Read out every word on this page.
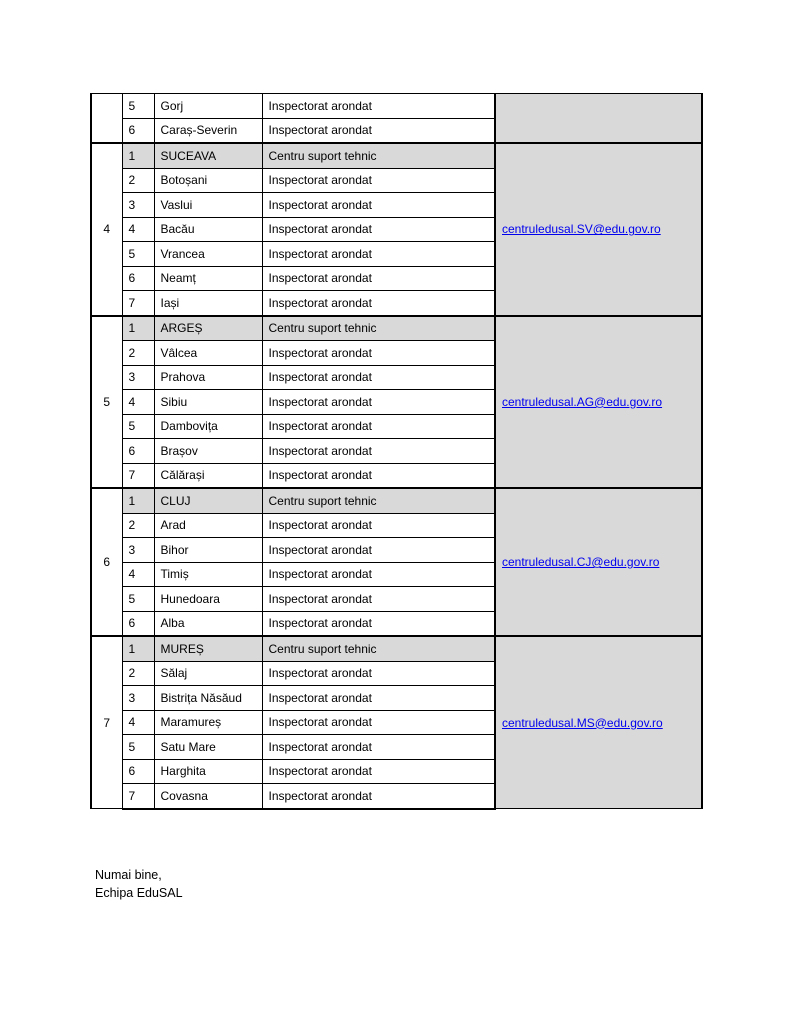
	5	Gorj	Inspectorat arondat	
	6	Caraș-Severin	Inspectorat arondat	
4	1	SUCEAVA	Centru suport tehnic	centruledusal.SV@edu.gov.ro
	2	Botoșani	Inspectorat arondat	
	3	Vaslui	Inspectorat arondat	
	4	Bacău	Inspectorat arondat	
	5	Vrancea	Inspectorat arondat	
	6	Neamț	Inspectorat arondat	
	7	Iași	Inspectorat arondat	
5	1	ARGEȘ	Centru suport tehnic	centruledusal.AG@edu.gov.ro
	2	Vâlcea	Inspectorat arondat	
	3	Prahova	Inspectorat arondat	
	4	Sibiu	Inspectorat arondat	
	5	Dambovița	Inspectorat arondat	
	6	Brașov	Inspectorat arondat	
	7	Călărași	Inspectorat arondat	
6	1	CLUJ	Centru suport tehnic	centruledusal.CJ@edu.gov.ro
	2	Arad	Inspectorat arondat	
	3	Bihor	Inspectorat arondat	
	4	Timiș	Inspectorat arondat	
	5	Hunedoara	Inspectorat arondat	
	6	Alba	Inspectorat arondat	
7	1	MUREȘ	Centru suport tehnic	centruledusal.MS@edu.gov.ro
	2	Sălaj	Inspectorat arondat	
	3	Bistrița Năsăud	Inspectorat arondat	
	4	Maramureș	Inspectorat arondat	
	5	Satu Mare	Inspectorat arondat	
	6	Harghita	Inspectorat arondat	
	7	Covasna	Inspectorat arondat	
Numai bine,
Echipa EduSAL
